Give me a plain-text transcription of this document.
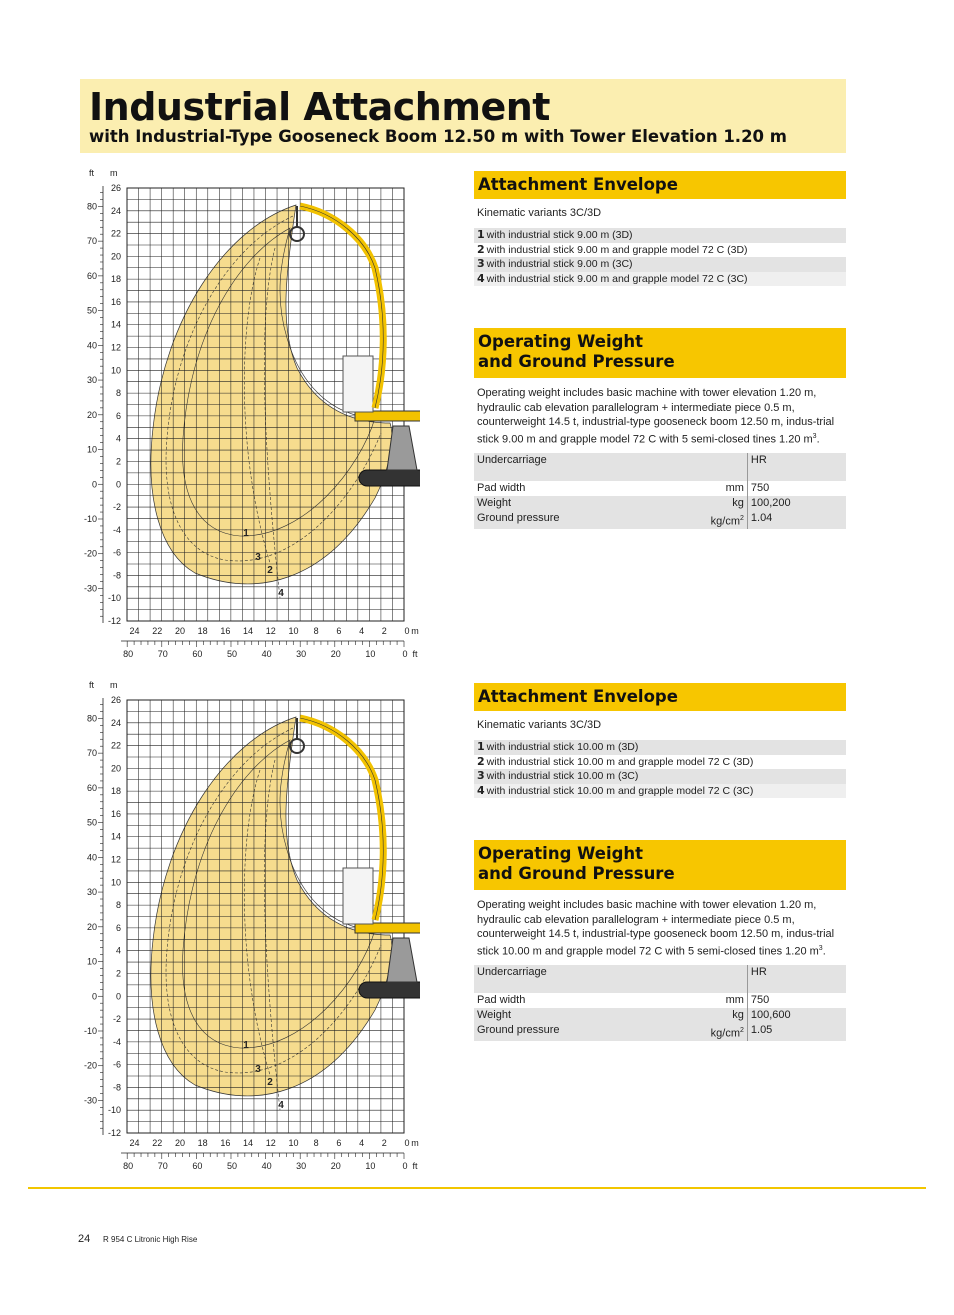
Industrial Attachment
with Industrial-Type Gooseneck Boom 12.50 m with Tower Elevation 1.20 m
80
70
60
50
40
30
20
10
0
-10
-20
-30
ft m
26
24
22
20
18
16
14
12
10
8
6
4
2
0
-2
-4
-6
-8
-10
-12
24 22 20 18 16 14 12 10 8 6 4 2 0 m
80	70	60	50	40	30	20	10	0 ft
1
3
2
4
80
70
60
50
40
30
20
10
0
-10
-20
-30
ft m
26
24
22
20
18
16
14
12
10
8
6
4
2
0
-2
-4
-6
-8
-10
-12
24 22 20 18 16 14 12 10 8 6 4 2 0 m
80	70	60	50	40	30	20	10	0 ft
1
3
2
4
Attachment Envelope
Kinematic variants 3C/3D
1 with industrial stick 9.00 m (3D)
2 with industrial stick 9.00 m and grapple model 72 C (3D)
3 with industrial stick 9.00 m (3C)
4 with industrial stick 9.00 m and grapple model 72 C (3C)
Operating Weight
and Ground Pressure

Operating weight includes basic machine with tower elevation 1.20 m, hydraulic cab elevation parallelogram + intermediate piece 0.5 m, counterweight 14.5 t, industrial-type gooseneck boom 12.50 m, indus-trial stick 9.00 m and grapple model 72 C with 5 semi-closed tines 1.20 $m^3$.

Undercarriage		HR
Pad width	mm	750
Weight	kg	100,200
Ground pressure	$kg/cm^2$	1.04
Attachment Envelope
Kinematic variants 3C/3D
1 with industrial stick 10.00 m (3D)
2 with industrial stick 10.00 m and grapple model 72 C (3D)
3 with industrial stick 10.00 m (3C)
4 with industrial stick 10.00 m and grapple model 72 C (3C)
Operating Weight
and Ground Pressure

Operating weight includes basic machine with tower elevation 1.20 m, hydraulic cab elevation parallelogram + intermediate piece 0.5 m, counterweight 14.5 t, industrial-type gooseneck boom 12.50 m, indus-trial stick 10.00 m and grapple model 72 C with 5 semi-closed tines 1.20 $m^3$.

Undercarriage		HR
Pad width	mm	750
Weight	kg	100,600
Ground pressure	$kg/cm^2$	1.05
24 R 954 C Litronic High Rise
